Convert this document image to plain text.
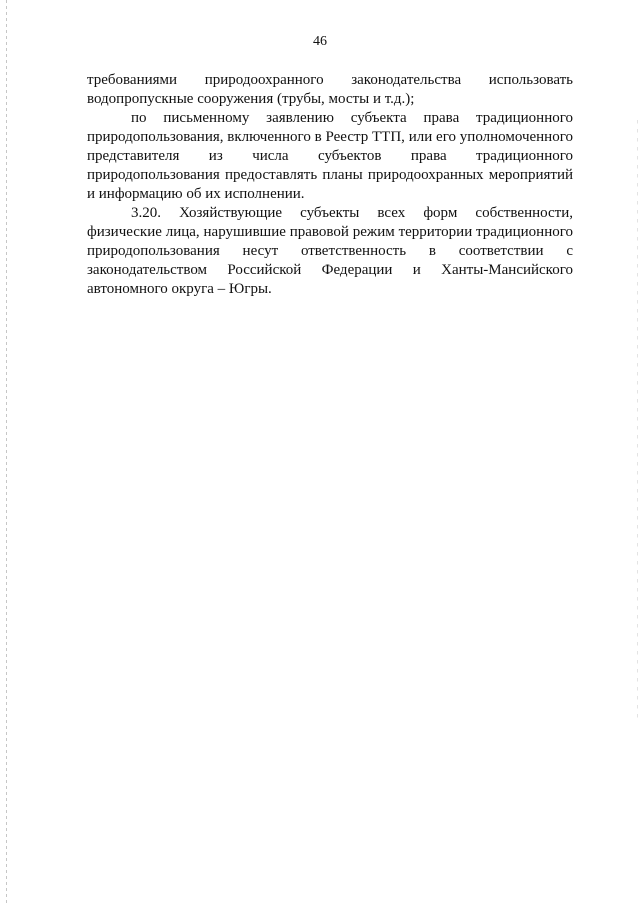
46

требованиями природоохранного законодательства использовать водопропускные сооружения (трубы, мосты и т.д.);

по письменному заявлению субъекта права традиционного природопользования, включенного в Реестр ТТП, или его уполномоченного представителя из числа субъектов права традиционного природопользования предоставлять планы природоохранных мероприятий и информацию об их исполнении.

3.20. Хозяйствующие субъекты всех форм собственности, физические лица, нарушившие правовой режим территории традиционного природопользования несут ответственность в соответствии с законодательством Российской Федерации и Ханты-Мансийского автономного округа – Югры.
